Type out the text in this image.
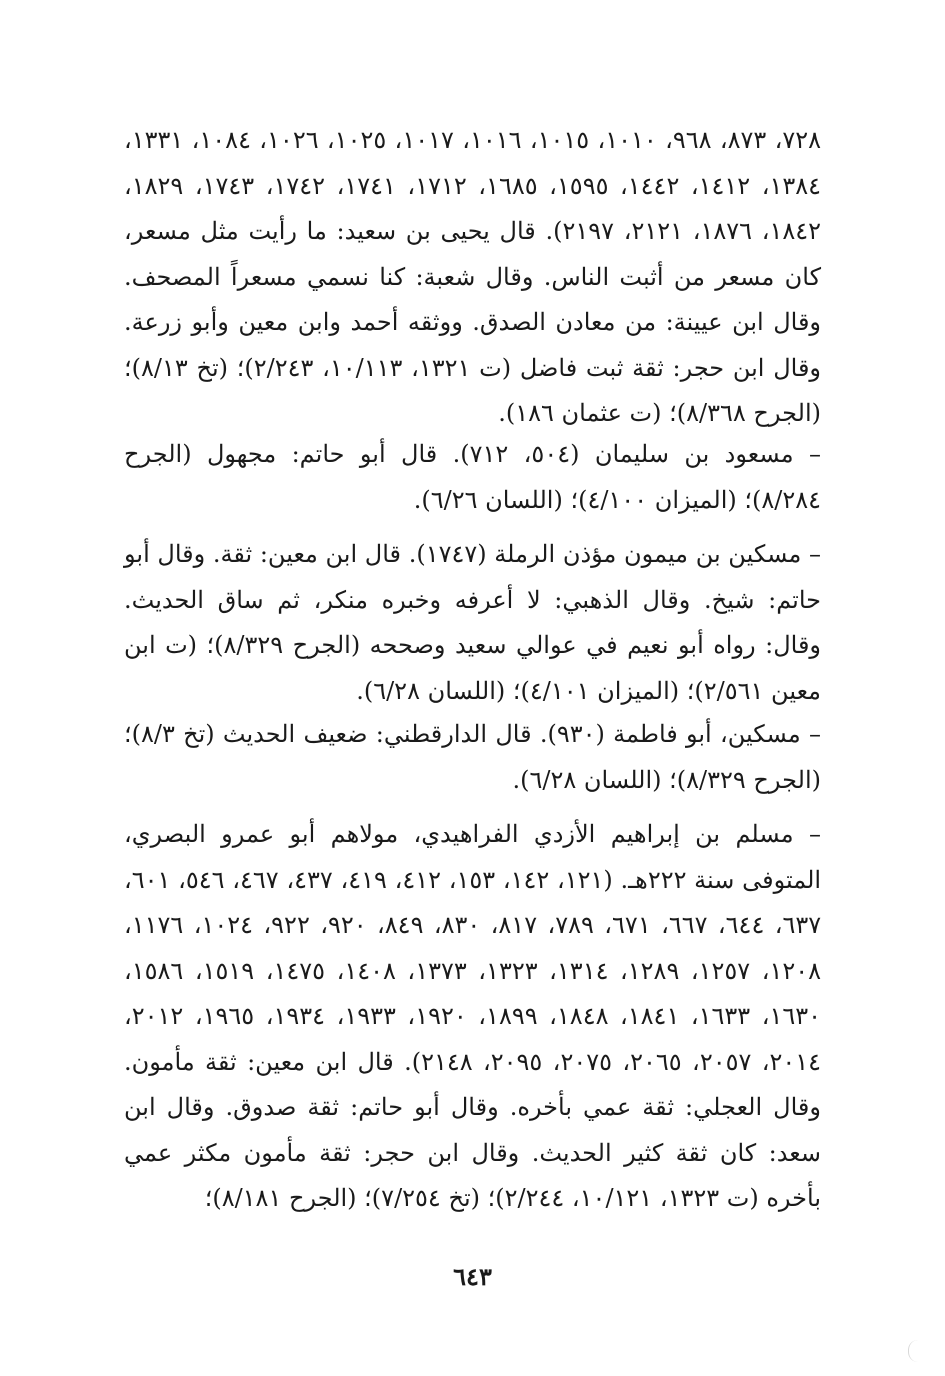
٧٢٨، ٨٧٣، ٩٦٨، ١٠١٠، ١٠١٥، ١٠١٦، ١٠١٧، ١٠٢٥، ١٠٢٦، ١٠٨٤، ١٣٣١، ١٣٨٤، ١٤١٢، ١٤٤٢، ١٥٩٥، ١٦٨٥، ١٧١٢، ١٧٤١، ١٧٤٢، ١٧٤٣، ١٨٢٩، ١٨٤٢، ١٨٧٦، ٢١٢١، ٢١٩٧). قال يحيى بن سعيد: ما رأيت مثل مسعر، كان مسعر من أثبت الناس. وقال شعبة: كنا نسمي مسعراً المصحف. وقال ابن عيينة: من معادن الصدق. ووثقه أحمد وابن معين وأبو زرعة. وقال ابن حجر: ثقة ثبت فاضل (ت ١٣٢١، ١٠/١١٣، ٢/٢٤٣)؛ (تخ ٨/١٣)؛ (الجرح ٨/٣٦٨)؛ (ت عثمان ١٨٦).

– مسعود بن سليمان (٥٠٤، ٧١٢). قال أبو حاتم: مجهول (الجرح ٨/٢٨٤)؛ (الميزان ٤/١٠٠)؛ (اللسان ٦/٢٦).

– مسكين بن ميمون مؤذن الرملة (١٧٤٧). قال ابن معين: ثقة. وقال أبو حاتم: شيخ. وقال الذهبي: لا أعرفه وخبره منكر، ثم ساق الحديث. وقال: رواه أبو نعيم في عوالي سعيد وصححه (الجرح ٨/٣٢٩)؛ (ت ابن معين ٢/٥٦١)؛ (الميزان ٤/١٠١)؛ (اللسان ٦/٢٨).

– مسكين، أبو فاطمة (٩٣٠). قال الدارقطني: ضعيف الحديث (تخ ٨/٣)؛ (الجرح ٨/٣٢٩)؛ (اللسان ٦/٢٨).

– مسلم بن إبراهيم الأزدي الفراهيدي، مولاهم أبو عمرو البصري، المتوفى سنة ٢٢٢هـ. (١٢١، ١٤٢، ١٥٣، ٤١٢، ٤١٩، ٤٣٧، ٤٦٧، ٥٤٦، ٦٠١، ٦٣٧، ٦٤٤، ٦٦٧، ٦٧١، ٧٨٩، ٨١٧، ٨٣٠، ٨٤٩، ٩٢٠، ٩٢٢، ١٠٢٤، ١١٧٦، ١٢٠٨، ١٢٥٧، ١٢٨٩، ١٣١٤، ١٣٢٣، ١٣٧٣، ١٤٠٨، ١٤٧٥، ١٥١٩، ١٥٨٦، ١٦٣٠، ١٦٣٣، ١٨٤١، ١٨٤٨، ١٨٩٩، ١٩٢٠، ١٩٣٣، ١٩٣٤، ١٩٦٥، ٢٠١٢، ٢٠١٤، ٢٠٥٧، ٢٠٦٥، ٢٠٧٥، ٢٠٩٥، ٢١٤٨). قال ابن معين: ثقة مأمون. وقال العجلي: ثقة عمي بأخره. وقال أبو حاتم: ثقة صدوق. وقال ابن سعد: كان ثقة كثير الحديث. وقال ابن حجر: ثقة مأمون مكثر عمي بأخره (ت ١٣٢٣، ١٠/١٢١، ٢/٢٤٤)؛ (تخ ٧/٢٥٤)؛ (الجرح ٨/١٨١)؛

٦٤٣
